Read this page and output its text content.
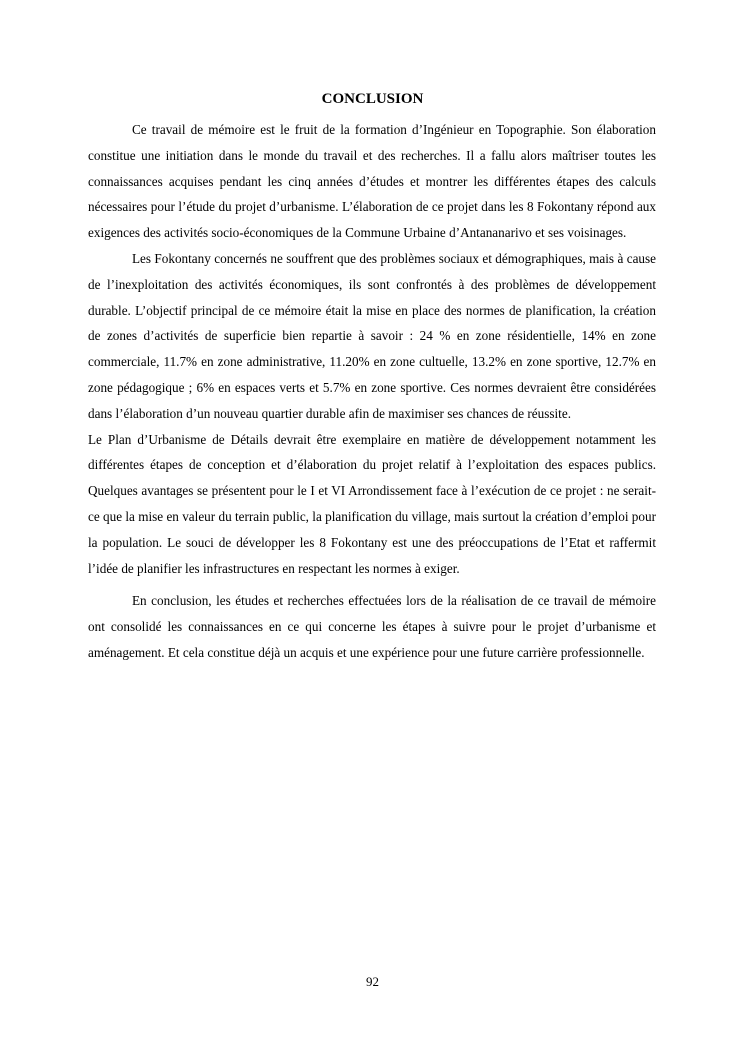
CONCLUSION

Ce travail de mémoire est le fruit de la formation d’Ingénieur en Topographie. Son élaboration constitue une initiation dans le monde du travail et des recherches. Il a fallu alors maîtriser toutes les connaissances acquises pendant les cinq années d’études et montrer les différentes étapes des calculs nécessaires pour l’étude du projet d’urbanisme. L’élaboration de ce projet dans les 8 Fokontany répond aux exigences des activités socio-économiques de la Commune Urbaine d’Antananarivo et ses voisinages.

Les Fokontany concernés ne souffrent que des problèmes sociaux et démographiques, mais à cause de l’inexploitation des activités économiques, ils sont confrontés à des problèmes de développement durable. L’objectif principal de ce mémoire était la mise en place des normes de planification, la création de zones d’activités de superficie bien repartie à savoir : 24 % en zone résidentielle, 14% en zone commerciale, 11.7% en zone administrative, 11.20% en zone cultuelle, 13.2% en zone sportive, 12.7% en zone pédagogique ; 6% en espaces verts et 5.7% en zone sportive. Ces normes devraient être considérées dans l’élaboration d’un nouveau quartier durable afin de maximiser ses chances de réussite.

Le Plan d’Urbanisme de Détails devrait être exemplaire en matière de développement notamment les différentes étapes de conception et d’élaboration du projet relatif à l’exploitation des espaces publics. Quelques avantages se présentent pour le I et VI Arrondissement face à l’exécution de ce projet : ne serait-ce que la mise en valeur du terrain public, la planification du village, mais surtout la création d’emploi pour la population. Le souci de développer les 8 Fokontany est une des préoccupations de l’Etat et raffermit l’idée de planifier les infrastructures en respectant les normes à exiger.

En conclusion, les études et recherches effectuées lors de la réalisation de ce travail de mémoire ont consolidé les connaissances en ce qui concerne les étapes à suivre pour le projet d’urbanisme et aménagement. Et cela constitue déjà un acquis et une expérience pour une future carrière professionnelle.

92
